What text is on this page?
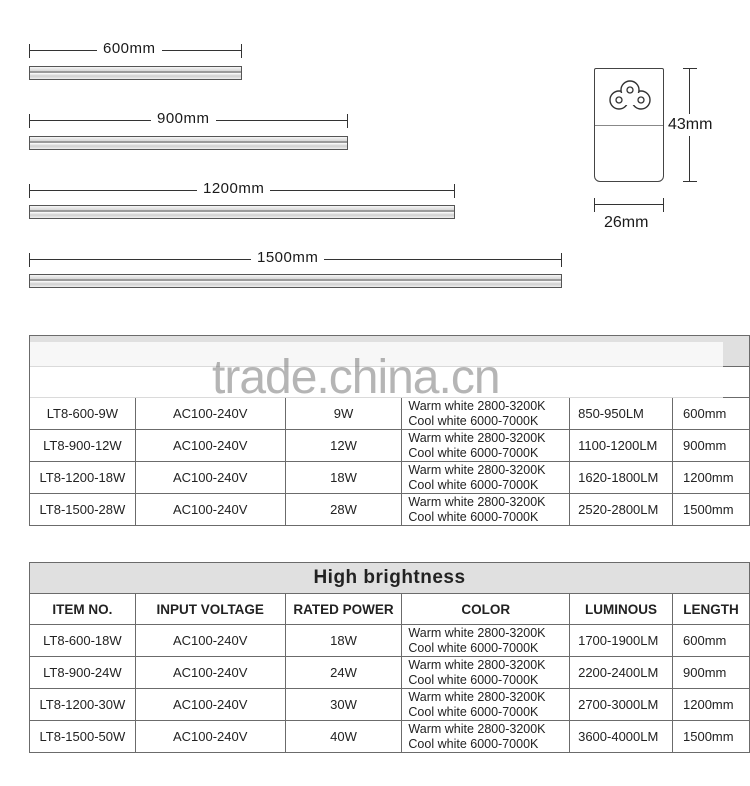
600mm
900mm
1200mm
1500mm
43mm
26mm

LT8-600-9W	AC100-240V	9W	Warm white 2800-3200K
Cool white 6000-7000K	850-950LM	600mm
LT8-900-12W	AC100-240V	12W	Warm white 2800-3200K
Cool white 6000-7000K	1100-1200LM	900mm
LT8-1200-18W	AC100-240V	18W	Warm white 2800-3200K
Cool white 6000-7000K	1620-1800LM	1200mm
LT8-1500-28W	AC100-240V	28W	Warm white 2800-3200K
Cool white 6000-7000K	2520-2800LM	1500mm
trade.china.cn
High brightness					
ITEM NO.	INPUT VOLTAGE	RATED POWER	COLOR	LUMINOUS	LENGTH
LT8-600-18W	AC100-240V	18W	Warm white 2800-3200K
Cool white 6000-7000K	1700-1900LM	600mm
LT8-900-24W	AC100-240V	24W	Warm white 2800-3200K
Cool white 6000-7000K	2200-2400LM	900mm
LT8-1200-30W	AC100-240V	30W	Warm white 2800-3200K
Cool white 6000-7000K	2700-3000LM	1200mm
LT8-1500-50W	AC100-240V	40W	Warm white 2800-3200K
Cool white 6000-7000K	3600-4000LM	1500mm
